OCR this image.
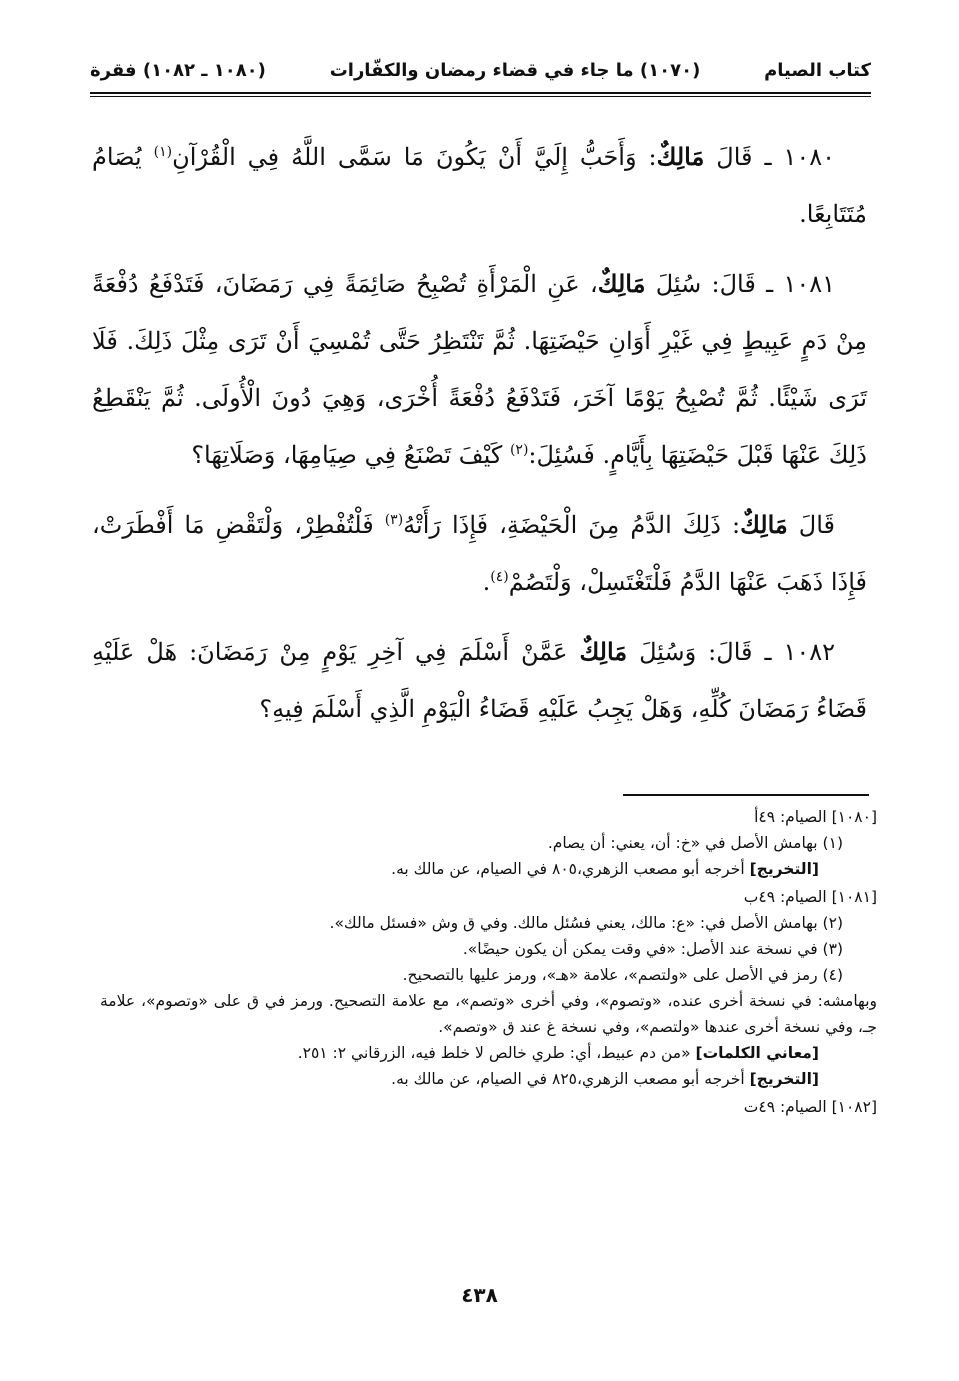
كتاب الصيام
(١٠٧٠) ما جاء في قضاء رمضان والكفّارات
(١٠٨٠ ـ ١٠٨٢) فقرة

١٠٨٠ ـ قَالَ مَالِكٌ: وَأَحَبُّ إِلَيَّ أَنْ يَكُونَ مَا سَمَّى اللَّهُ فِي الْقُرْآنِ$^{(١)}$ يُصَامُ مُتَتَابِعًا.

١٠٨١ ـ قَالَ: سُئِلَ مَالِكٌ، عَنِ الْمَرْأَةِ تُصْبِحُ صَائِمَةً فِي رَمَضَانَ، فَتَدْفَعُ دُفْعَةً مِنْ دَمٍ عَبِيطٍ فِي غَيْرِ أَوَانِ حَيْضَتِهَا. ثُمَّ تَنْتَظِرُ حَتَّى تُمْسِيَ أَنْ تَرَى مِثْلَ ذَلِكَ. فَلَا تَرَى شَيْئًا. ثُمَّ تُصْبِحُ يَوْمًا آخَرَ، فَتَدْفَعُ دُفْعَةً أُخْرَى، وَهِيَ دُونَ الْأُولَى. ثُمَّ يَنْقَطِعُ ذَلِكَ عَنْهَا قَبْلَ حَيْضَتِهَا بِأَيَّامٍ. فَسُئِلَ:$^{(٢)}$ كَيْفَ تَصْنَعُ فِي صِيَامِهَا، وَصَلَاتِهَا؟

قَالَ مَالِكٌ: ذَلِكَ الدَّمُ مِنَ الْحَيْضَةِ، فَإِذَا رَأَتْهُ$^{(٣)}$ فَلْتُفْطِرْ، وَلْتَقْضِ مَا أَفْطَرَتْ، فَإِذَا ذَهَبَ عَنْهَا الدَّمُ فَلْتَغْتَسِلْ، وَلْتَصُمْ$^{(٤)}$.

١٠٨٢ ـ قَالَ: وَسُئِلَ مَالِكٌ عَمَّنْ أَسْلَمَ فِي آخِرِ يَوْمٍ مِنْ رَمَضَانَ: هَلْ عَلَيْهِ قَضَاءُ رَمَضَانَ كُلِّهِ، وَهَلْ يَجِبُ عَلَيْهِ قَضَاءُ الْيَوْمِ الَّذِي أَسْلَمَ فِيهِ؟

[١٠٨٠] الصيام: ٤٩أ

(١) بهامش الأصل في «خ: أن، يعني: أن يصام.

[التخريج] أخرجه أبو مصعب الزهري،٨٠٥ في الصيام، عن مالك به.

[١٠٨١] الصيام: ٤٩ب

(٢) بهامش الأصل في: «ع: مالك، يعني فسُئل مالك. وفي ق وش «فسئل مالك».

(٣) في نسخة عند الأصل: «في وقت يمكن أن يكون حيضًا».

(٤) رمز في الأصل على «ولتصم»، علامة «هـ»، ورمز عليها بالتصحيح.

وبهامشه: في نسخة أخرى عنده، «وتصوم»، وفي أخرى «وتصم»، مع علامة التصحيح. ورمز في ق على «وتصوم»، علامة جـ، وفي نسخة أخرى عندها «ولتصم»، وفي نسخة غ عند ق «وتصم».

[معاني الكلمات] «من دم عبيط، أي: طري خالص لا خلط فيه، الزرقاني ٢: ٢٥١.

[التخريج] أخرجه أبو مصعب الزهري،٨٢٥ في الصيام، عن مالك به.

[١٠٨٢] الصيام: ٤٩ت

٤٣٨
